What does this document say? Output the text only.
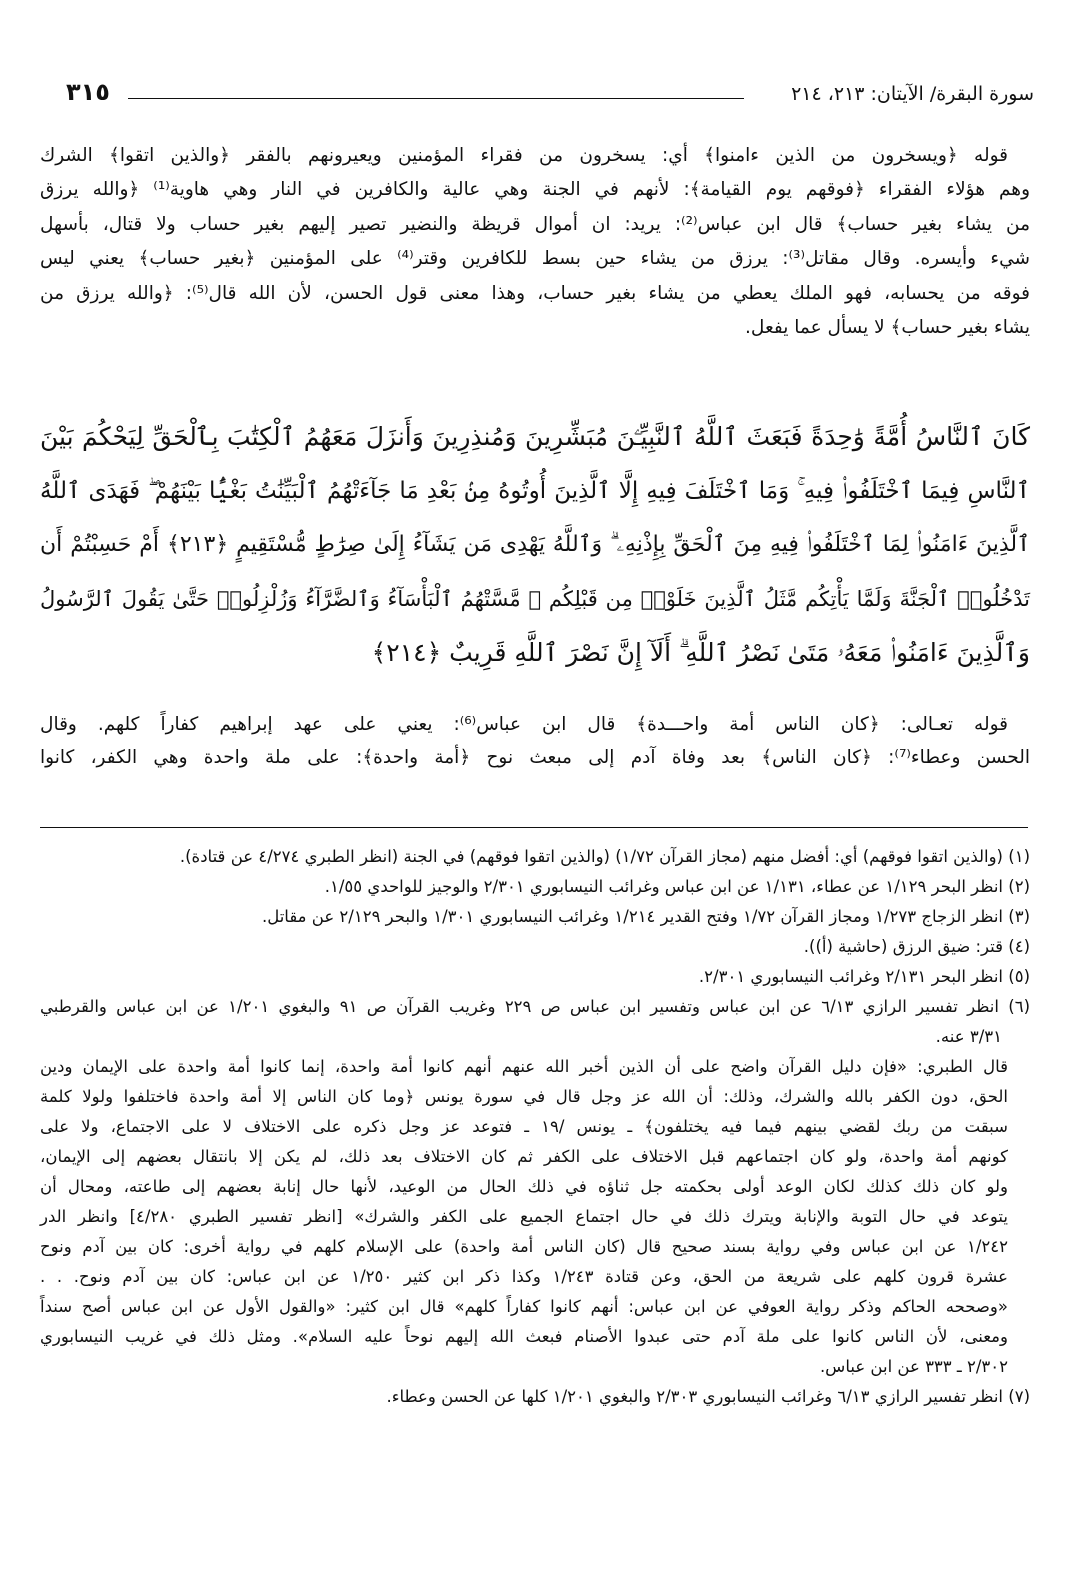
٣١٥	سورة البقرة/ الآيتان: ٢١٣، ٢١٤
قوله ﴿ويسخرون من الذين ءامنوا﴾ أي: يسخرون من فقراء المؤمنين ويعيرونهم بالفقر ﴿والذين اتقوا﴾ الشرك
وهم هؤلاء الفقراء ﴿فوقهم يوم القيامة﴾: لأنهم في الجنة وهي عالية والكافرين في النار وهي هاوية⁽¹⁾ ﴿والله يرزق
من يشاء بغير حساب﴾ قال ابن عباس⁽²⁾: يريد: ان أموال قريظة والنضير تصير إليهم بغير حساب ولا قتال، بأسهل
شيء وأيسره. وقال مقاتل⁽³⁾: يرزق من يشاء حين بسط للكافرين وقتر⁽⁴⁾ على المؤمنين ﴿بغير حساب﴾ يعني ليس
فوقه من يحسابه، فهو الملك يعطي من يشاء بغير حساب، وهذا معنى قول الحسن، لأن الله قال⁽⁵⁾: ﴿والله يرزق من
يشاء بغير حساب﴾ لا يسأل عما يفعل.
كَانَ ٱلنَّاسُ أُمَّةً وَٰحِدَةً فَبَعَثَ ٱللَّهُ ٱلنَّبِيِّـۧنَ مُبَشِّرِينَ وَمُنذِرِينَ وَأَنزَلَ مَعَهُمُ ٱلْكِتَٰبَ بِٱلْحَقِّ لِيَحْكُمَ بَيْنَ
ٱلنَّاسِ فِيمَا ٱخْتَلَفُوا۟ فِيهِ ۚ وَمَا ٱخْتَلَفَ فِيهِ إِلَّا ٱلَّذِينَ أُوتُوهُ مِنۢ بَعْدِ مَا جَآءَتْهُمُ ٱلْبَيِّنَٰتُ بَغْيًۢا بَيْنَهُمْ ۖ فَهَدَى ٱللَّهُ
ٱلَّذِينَ ءَامَنُوا۟ لِمَا ٱخْتَلَفُوا۟ فِيهِ مِنَ ٱلْحَقِّ بِإِذْنِهِۦ ۗ وَٱللَّهُ يَهْدِى مَن يَشَآءُ إِلَىٰ صِرَٰطٍ مُّسْتَقِيمٍ ﴿٢١٣﴾ أَمْ حَسِبْتُمْ أَن
تَدْخُلُوا۟ ٱلْجَنَّةَ وَلَمَّا يَأْتِكُم مَّثَلُ ٱلَّذِينَ خَلَوْا۟ مِن قَبْلِكُم ۖ مَّسَّتْهُمُ ٱلْبَأْسَآءُ وَٱلضَّرَّآءُ وَزُلْزِلُوا۟ حَتَّىٰ يَقُولَ ٱلرَّسُولُ
وَٱلَّذِينَ ءَامَنُوا۟ مَعَهُۥ مَتَىٰ نَصْرُ ٱللَّهِ ۗ أَلَآ إِنَّ نَصْرَ ٱللَّهِ قَرِيبٌ ﴿٢١٤﴾
قوله تعـالى: ﴿كان الناس أمة واحـــدة﴾ قال ابن عباس⁽⁶⁾: يعني على عهد إبراهيم كفاراً كلهم. وقال
الحسن وعطاء⁽⁷⁾: ﴿كان الناس﴾ بعد وفاة آدم إلى مبعث نوح ﴿أمة واحدة﴾: على ملة واحدة وهي الكفر، كانوا
(١) (والذين اتقوا فوقهم) أي: أفضل منهم (مجاز القرآن ١/٧٢) (والذين اتقوا فوقهم) في الجنة (انظر الطبري ٤/٢٧٤ عن قتادة).
(٢) انظر البحر ١/١٢٩ عن عطاء، ١/١٣١ عن ابن عباس وغرائب النيسابوري ٢/٣٠١ والوجيز للواحدي ١/٥٥.
(٣) انظر الزجاج ١/٢٧٣ ومجاز القرآن ١/٧٢ وفتح القدير ١/٢١٤ وغرائب النيسابوري ١/٣٠١ والبحر ٢/١٢٩ عن مقاتل.
(٤) قتر: ضيق الرزق (حاشية (أ)).
(٥) انظر البحر ٢/١٣١ وغرائب النيسابوري ٢/٣٠١.
(٦) انظر تفسير الرازي ٦/١٣ عن ابن عباس وتفسير ابن عباس ص ٢٢٩ وغريب القرآن ص ٩١ والبغوي ١/٢٠١ عن ابن عباس والقرطبي
٣/٣١ عنه.
قال الطبري: «فإن دليل القرآن واضح على أن الذين أخبر الله عنهم أنهم كانوا أمة واحدة، إنما كانوا أمة واحدة على الإيمان ودين
الحق، دون الكفر بالله والشرك، وذلك: أن الله عز وجل قال في سورة يونس ﴿وما كان الناس إلا أمة واحدة فاختلفوا ولولا كلمة
سبقت من ربك لقضي بينهم فيما فيه يختلفون﴾ ـ يونس /١٩ ـ فتوعد عز وجل ذكره على الاختلاف لا على الاجتماع، ولا على
كونهم أمة واحدة، ولو كان اجتماعهم قبل الاختلاف على الكفر ثم كان الاختلاف بعد ذلك، لم يكن إلا بانتقال بعضهم إلى الإيمان،
ولو كان ذلك كذلك لكان الوعد أولى بحكمته جل ثناؤه في ذلك الحال من الوعيد، لأنها حال إنابة بعضهم إلى طاعته، ومحال أن
يتوعد في حال التوبة والإنابة ويترك ذلك في حال اجتماع الجميع على الكفر والشرك» [انظر تفسير الطبري ٤/٢٨٠] وانظر الدر
١/٢٤٢ عن ابن عباس وفي رواية بسند صحيح قال (كان الناس أمة واحدة) على الإسلام كلهم في رواية أخرى: كان بين آدم ونوح
عشرة قرون كلهم على شريعة من الحق، وعن قتادة ١/٢٤٣ وكذا ذكر ابن كثير ١/٢٥٠ عن ابن عباس: كان بين آدم ونوح. . .
«وصححه الحاكم وذكر رواية العوفي عن ابن عباس: أنهم كانوا كفاراً كلهم» قال ابن كثير: «والقول الأول عن ابن عباس أصح سنداً
ومعنى، لأن الناس كانوا على ملة آدم حتى عبدوا الأصنام فبعث الله إليهم نوحاً عليه السلام». ومثل ذلك في غريب النيسابوري
٢/٣٠٢ ـ ٣٣٣ عن ابن عباس.
(٧) انظر تفسير الرازي ٦/١٣ وغرائب النيسابوري ٢/٣٠٣ والبغوي ١/٢٠١ كلها عن الحسن وعطاء.
